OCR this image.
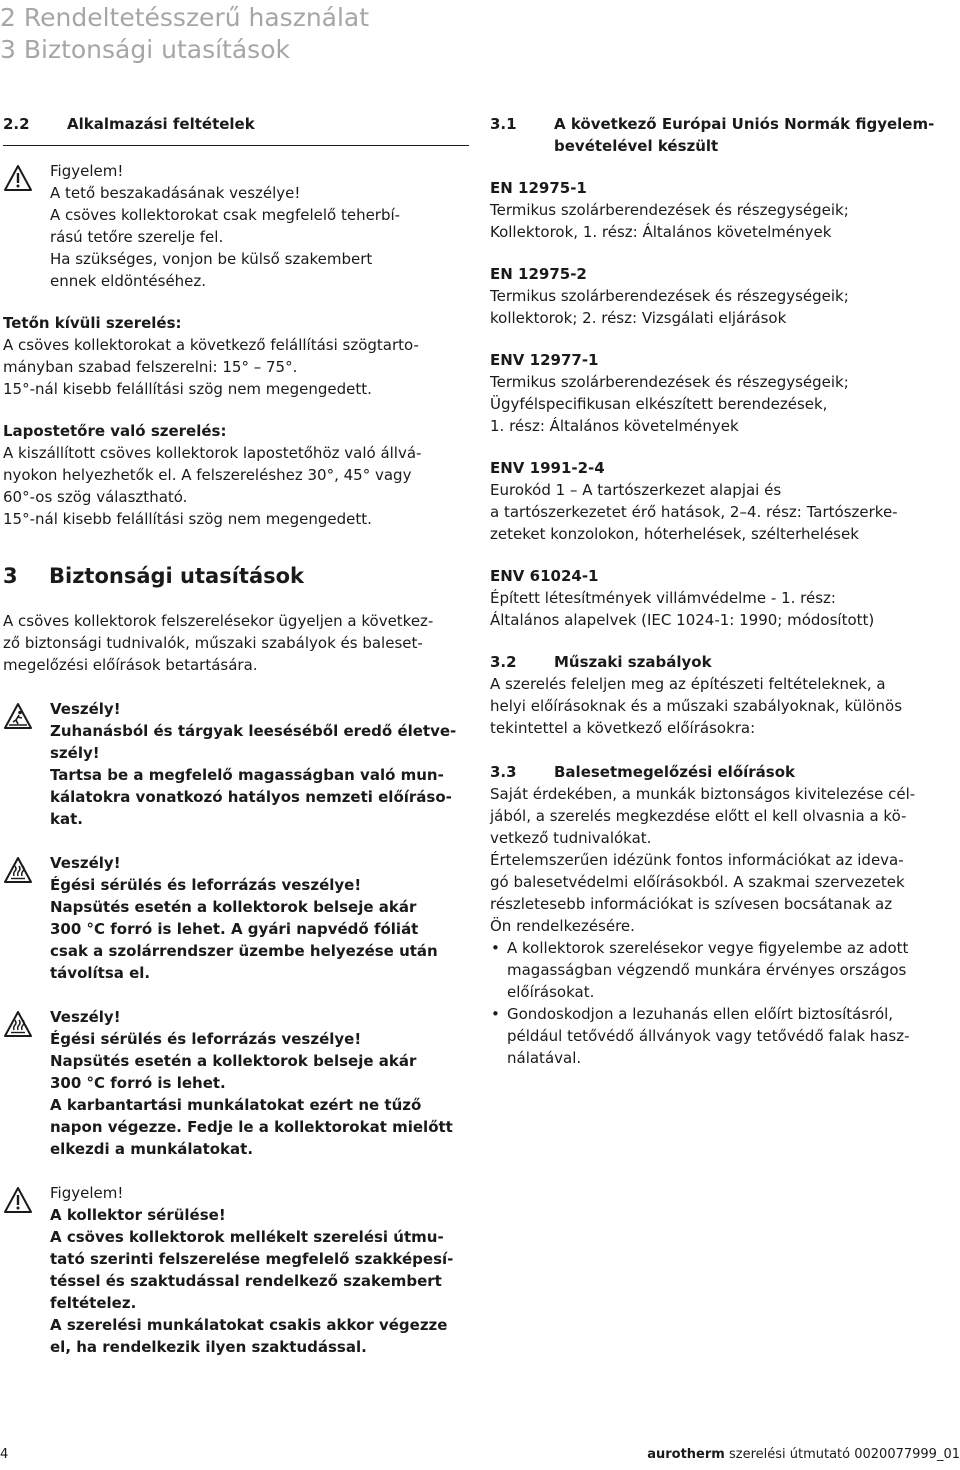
2 Rendeltetésszerű használat
3 Biztonsági utasítások
2.2	Alkalmazási feltételek

Figyelem!

A tető beszakadásának veszélye!

A csöves kollektorokat csak megfelelő teherbí-

rású tetőre szerelje fel.

Ha szükséges, vonjon be külső szakembert

ennek eldöntéséhez.

Tetőn kívüli szerelés:

A csöves kollektorokat a következő felállítási szögtarto-

mányban szabad felszerelni: 15° – 75°.

15°-nál kisebb felállítási szög nem megengedett.

Lapostetőre való szerelés:

A kiszállított csöves kollektorok lapostetőhöz való állvá-

nyokon helyezhetők el. A felszereléshez 30°, 45° vagy

60°-os szög választható.

15°-nál kisebb felállítási szög nem megengedett.

3	Biztonsági utasítások

A csöves kollektorok felszerelésekor ügyeljen a következ-

ző biztonsági tudnivalók, műszaki szabályok és baleset-

megelőzési előírások betartására.

Veszély!

Zuhanásból és tárgyak leeséséből eredő életve-

szély!

Tartsa be a megfelelő magasságban való mun-

kálatokra vonatkozó hatályos nemzeti előíráso-

kat.

Veszély!

Égési sérülés és leforrázás veszélye!

Napsütés esetén a kollektorok belseje akár

300 °C forró is lehet. A gyári napvédő fóliát

csak a szolárrendszer üzembe helyezése után

távolítsa el.

Veszély!

Égési sérülés és leforrázás veszélye!

Napsütés esetén a kollektorok belseje akár

300 °C forró is lehet.

A karbantartási munkálatokat ezért ne tűző

napon végezze. Fedje le a kollektorokat mielőtt

elkezdi a munkálatokat.

Figyelem!

A kollektor sérülése!

A csöves kollektorok mellékelt szerelési útmu-

tató szerinti felszerelése megfelelő szakképesí-

téssel és szaktudással rendelkező szakembert

feltételez.

A szerelési munkálatokat csakis akkor végezze

el, ha rendelkezik ilyen szaktudással.

3.1	A következő Európai Uniós Normák figyelem-
bevételével készült

EN 12975-1

Termikus szolárberendezések és részegységeik;

Kollektorok, 1. rész: Általános követelmények

EN 12975-2

Termikus szolárberendezések és részegységeik;

kollektorok; 2. rész: Vizsgálati eljárások

ENV 12977-1

Termikus szolárberendezések és részegységeik;

Ügyfélspecifikusan elkészített berendezések,

1. rész: Általános követelmények

ENV 1991-2-4

Eurokód 1 – A tartószerkezet alapjai és

a tartószerkezetet érő hatások, 2–4. rész: Tartószerke-

zeteket konzolokon, hóterhelések, szélterhelések

ENV 61024-1

Épített létesítmények villámvédelme - 1. rész:

Általános alapelvek (IEC 1024-1: 1990; módosított)

3.2	Műszaki szabályok

A szerelés feleljen meg az építészeti feltételeknek, a

helyi előírásoknak és a műszaki szabályoknak, különös

tekintettel a következő előírásokra:

3.3	Balesetmegelőzési előírások

Saját érdekében, a munkák biztonságos kivitelezése cél-

jából, a szerelés megkezdése előtt el kell olvasnia a kö-

vetkező tudnivalókat.

Értelemszerűen idézünk fontos információkat az ideva-

gó balesetvédelmi előírásokból. A szakmai szervezetek

részletesebb információkat is szívesen bocsátanak az

Ön rendelkezésére.

• A kollektorok szerelésekor vegye figyelembe az adott
magasságban végzendő munkára érvényes országos
előírásokat.
• Gondoskodjon a lezuhanás ellen előírt biztosításról,
például tetővédő állványok vagy tetővédő falak hasz-
nálatával.
4	aurotherm szerelési útmutató 0020077999_01
